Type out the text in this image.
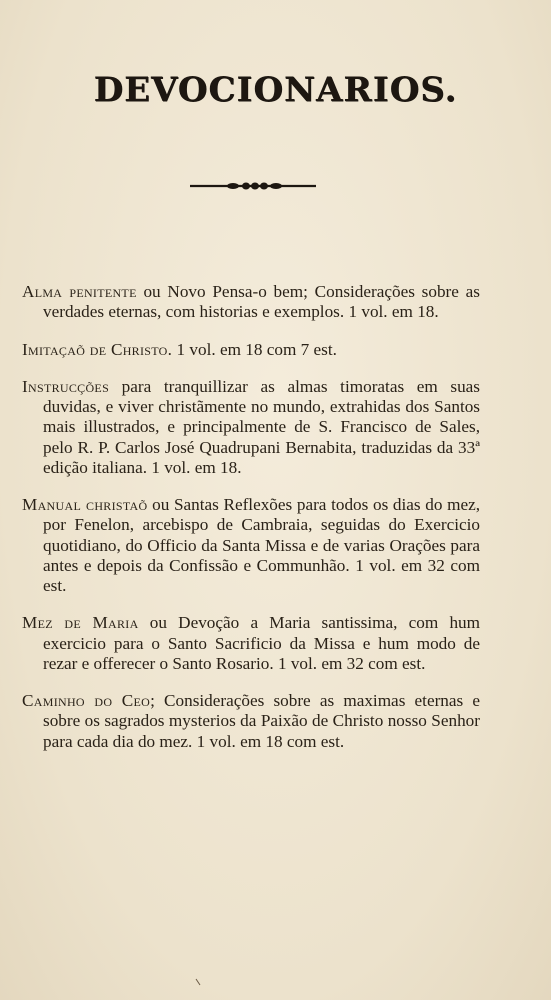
DEVOCIONARIOS.

Alma penitente ou Novo Pensa-o bem; Considerações sobre as verdades eternas, com historias e exemplos. 1 vol. em 18.

Imitaçaõ de Christo. 1 vol. em 18 com 7 est.

Instrucções para tranquillizar as almas timoratas em suas duvidas, e viver christãmente no mundo, extrahidas dos Santos mais illustrados, e principalmente de S. Francisco de Sales, pelo R. P. Carlos José Quadrupani Bernabita, traduzidas da 33ª edição italiana. 1 vol. em 18.

Manual christaõ ou Santas Reflexões para todos os dias do mez, por Fenelon, arcebispo de Cambraia, seguidas do Exercicio quotidiano, do Officio da Santa Missa e de varias Orações para antes e depois da Confissão e Communhão. 1 vol. em 32 com est.

Mez de Maria ou Devoção a Maria santissima, com hum exercicio para o Santo Sacrificio da Missa e hum modo de rezar e offerecer o Santo Rosario. 1 vol. em 32 com est.

Caminho do Ceo; Considerações sobre as maximas eternas e sobre os sagrados mysterios da Paixão de Christo nosso Senhor para cada dia do mez. 1 vol. em 18 com est.
